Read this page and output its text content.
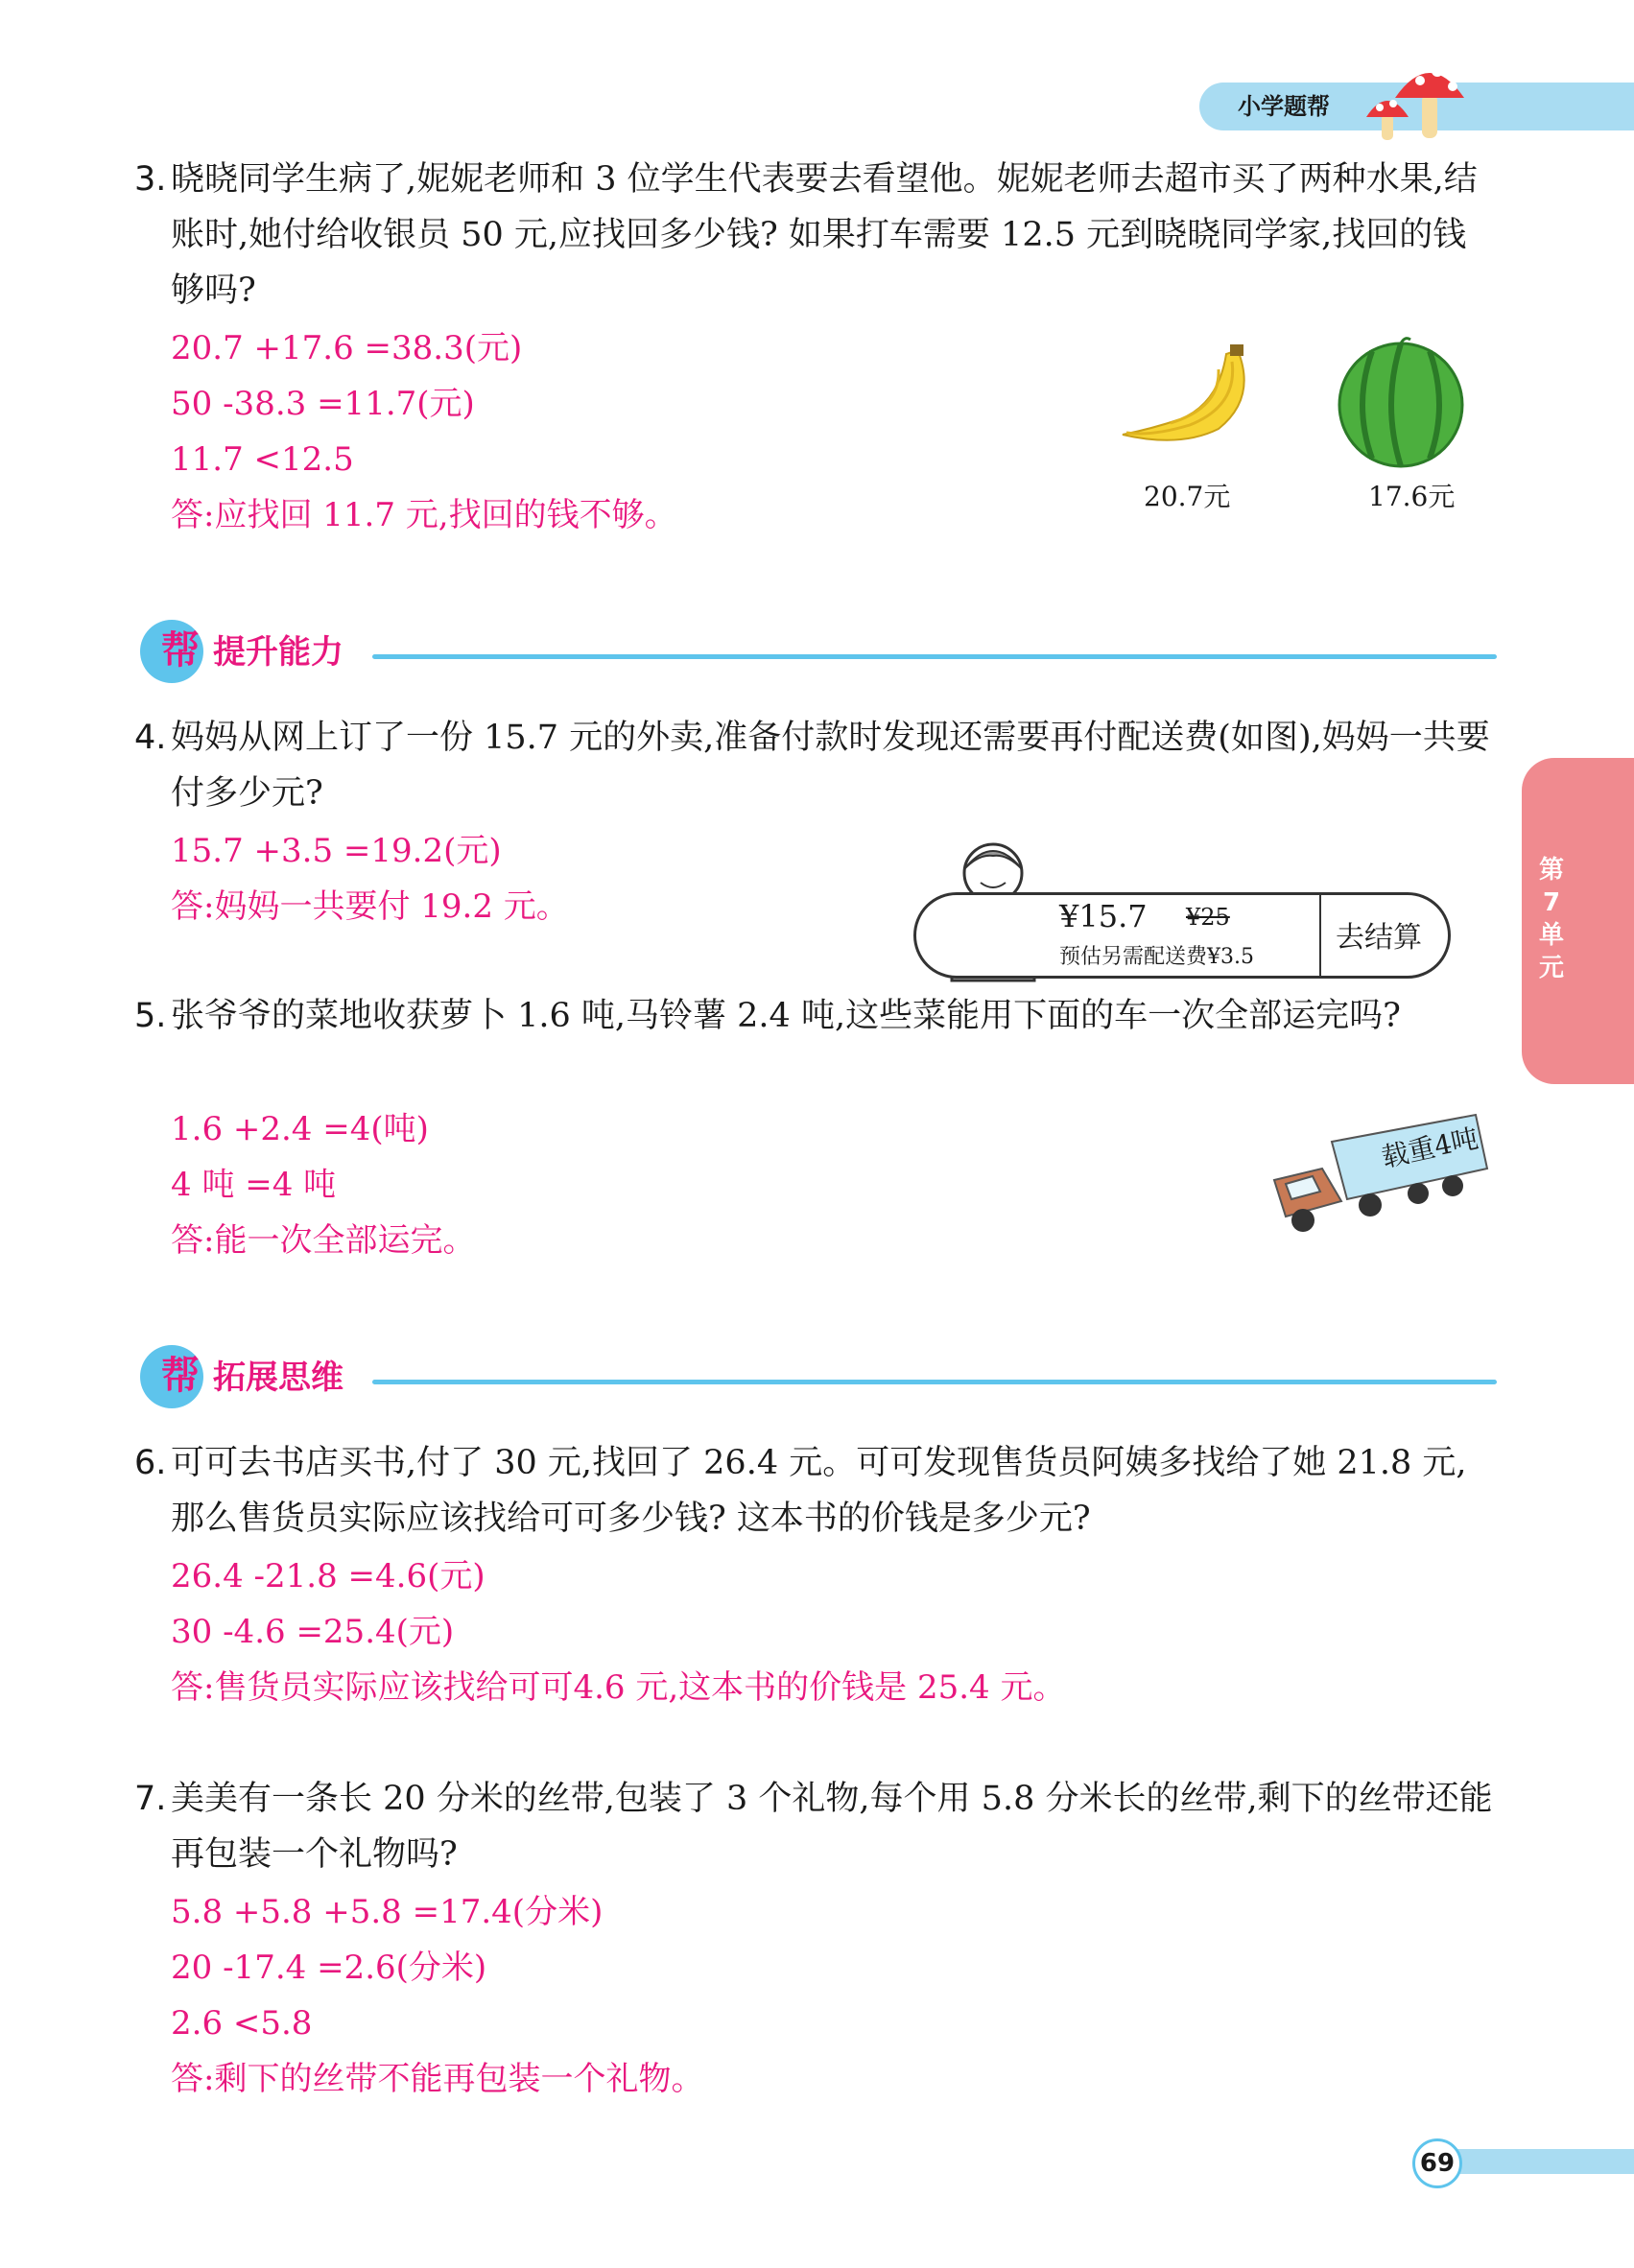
小学题帮
第
7
单
元
3. 晓晓同学生病了,妮妮老师和 3 位学生代表要去看望他。妮妮老师去超市买了两种水果,结账时,她付给收银员 50 元,应找回多少钱? 如果打车需要 12.5 元到晓晓同学家,找回的钱够吗?
20.7 +17.6 =38.3(元)
50 -38.3 =11.7(元)
11.7 <12.5
答:应找回 11.7 元,找回的钱不够。	20.7元	17.6元
帮 提升能力
4. 妈妈从网上订了一份 15.7 元的外卖,准备付款时发现还需要再付配送费(如图),妈妈一共要付多少元?
15.7 +3.5 =19.2(元)
答:妈妈一共要付 19.2 元。	¥15.7 ¥25
预估另需配送费¥3.5
去结算
5. 张爷爷的菜地收获萝卜 1.6 吨,马铃薯 2.4 吨,这些菜能用下面的车一次全部运完吗?
1.6 +2.4 =4(吨)
4 吨 =4 吨
答:能一次全部运完。
载重4吨
帮 拓展思维
6. 可可去书店买书,付了 30 元,找回了 26.4 元。可可发现售货员阿姨多找给了她 21.8 元,那么售货员实际应该找给可可多少钱? 这本书的价钱是多少元?
26.4 -21.8 =4.6(元)
30 -4.6 =25.4(元)
答:售货员实际应该找给可可4.6 元,这本书的价钱是 25.4 元。
7. 美美有一条长 20 分米的丝带,包装了 3 个礼物,每个用 5.8 分米长的丝带,剩下的丝带还能再包装一个礼物吗?
5.8 +5.8 +5.8 =17.4(分米)
20 -17.4 =2.6(分米)
2.6 <5.8
答:剩下的丝带不能再包装一个礼物。
69
